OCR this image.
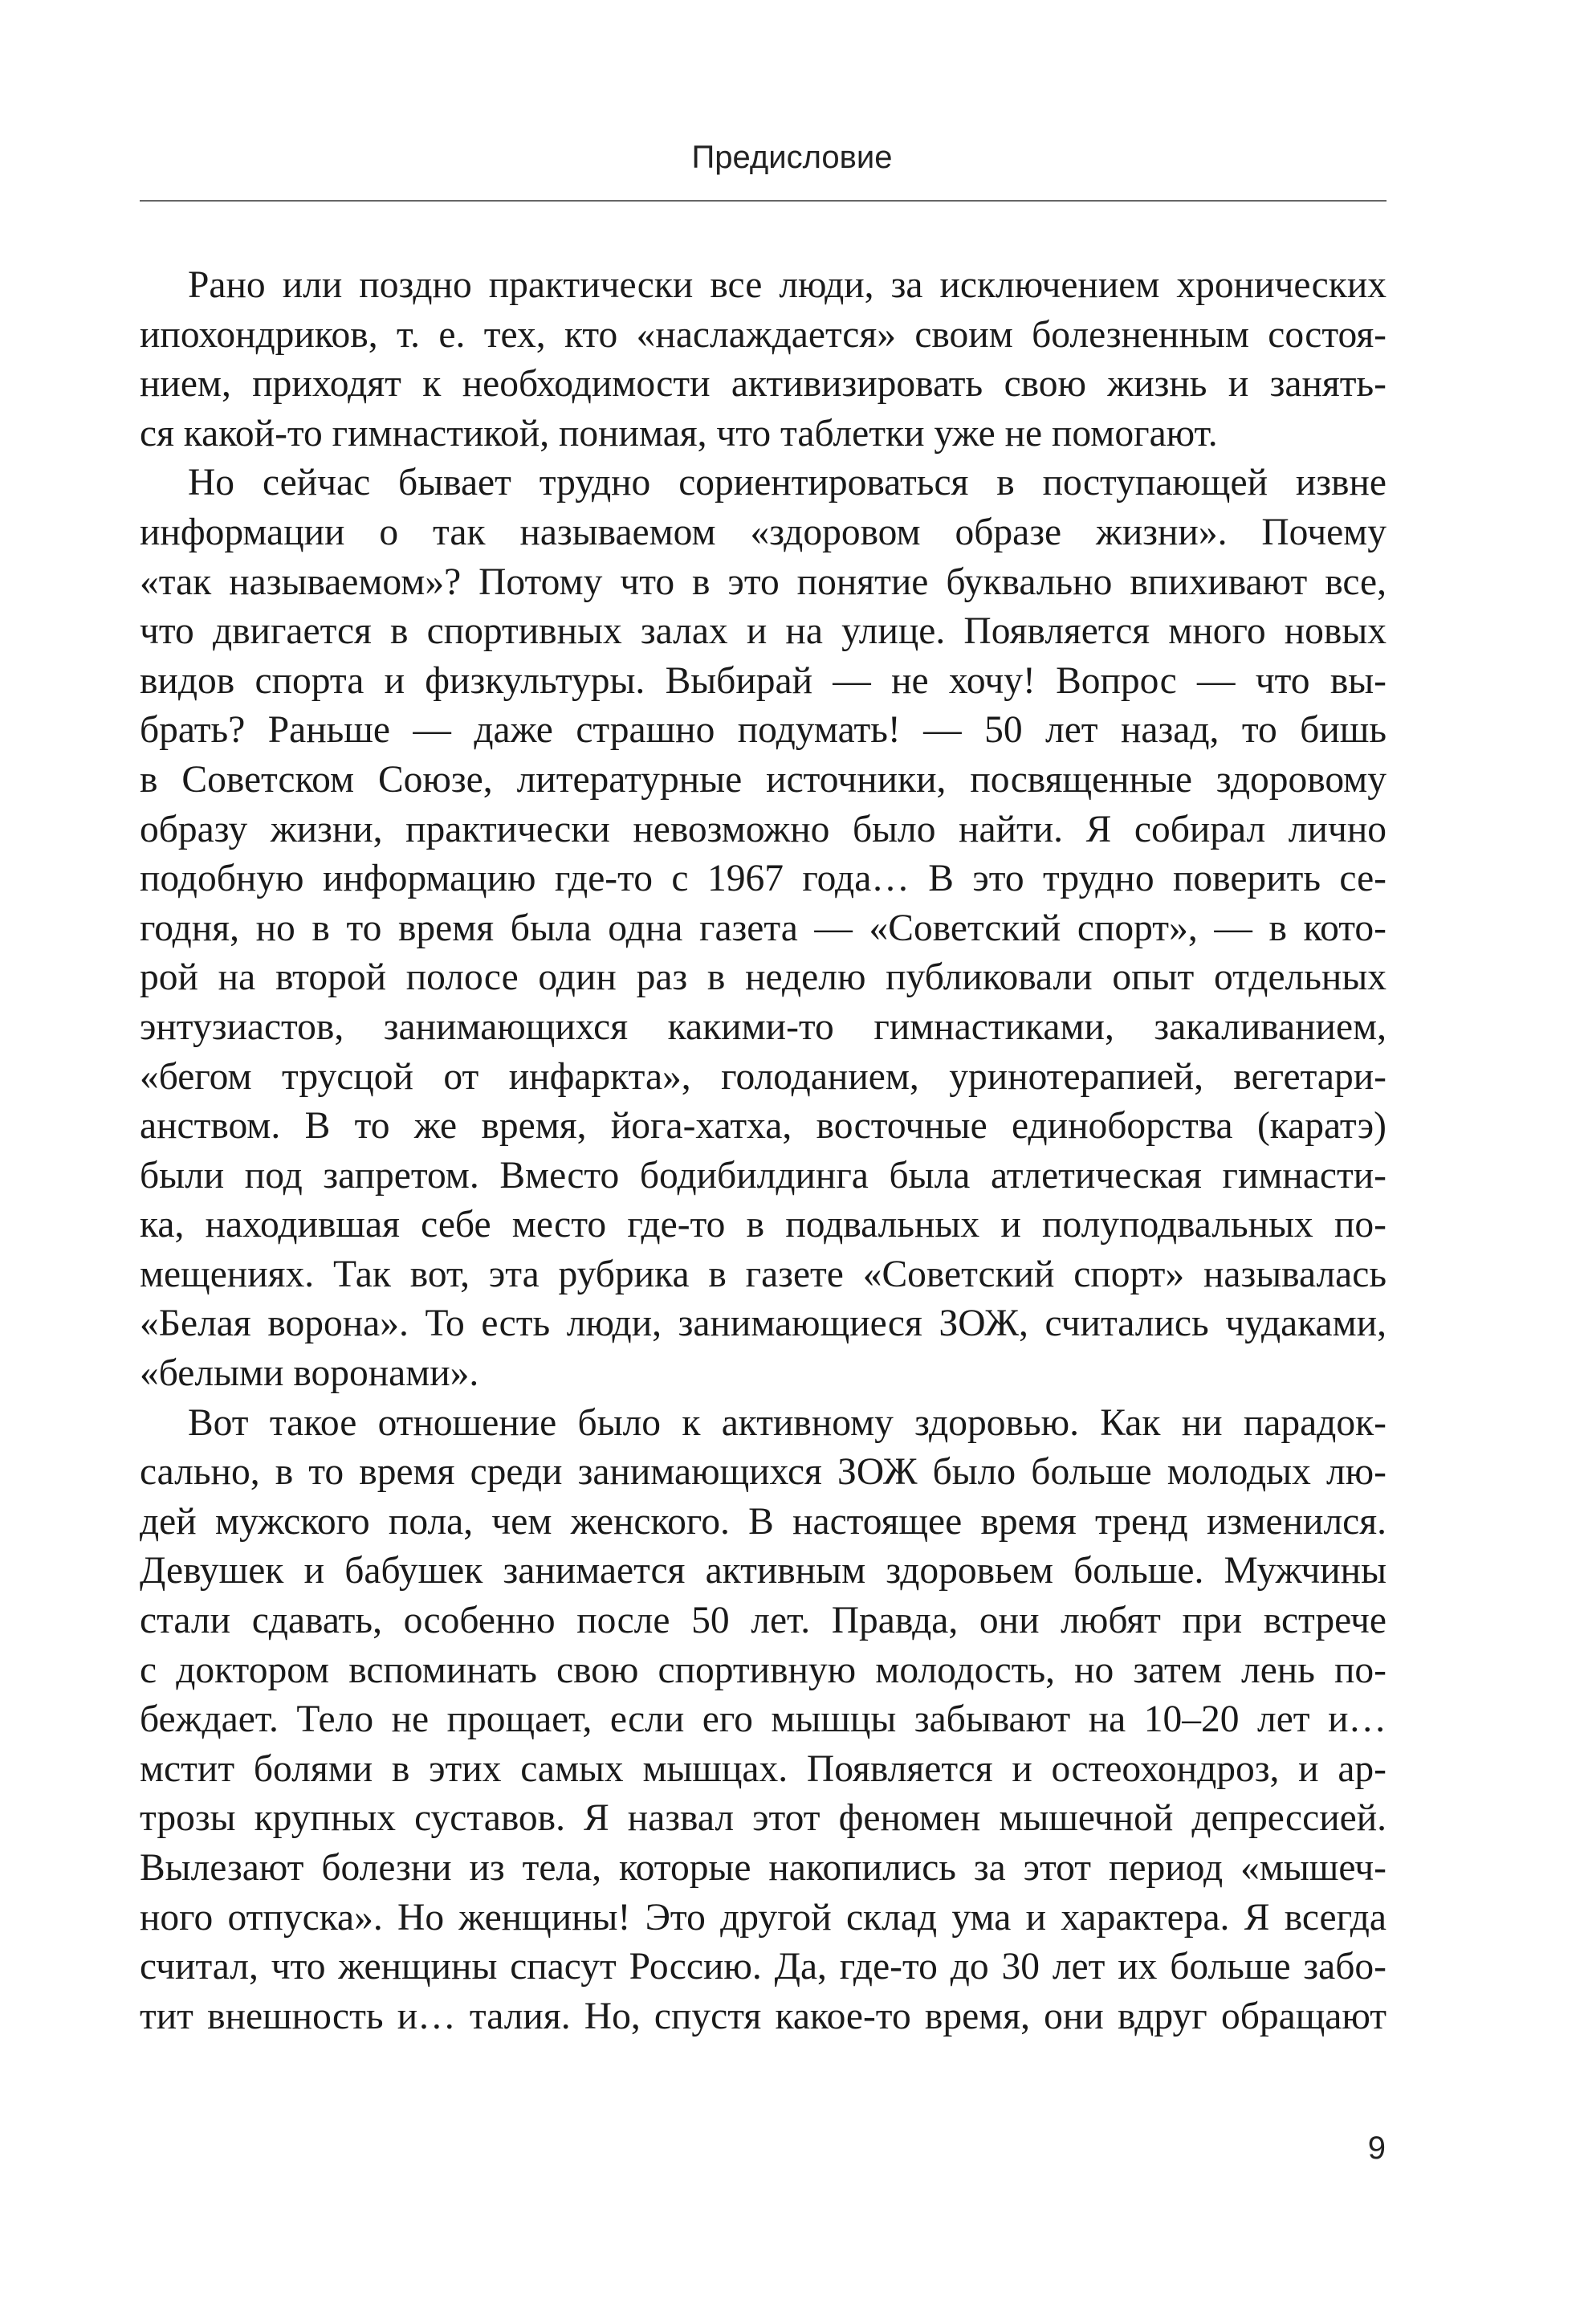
Предисловие

Рано или поздно практически все люди, за исключением хронических
ипохондриков, т. е. тех, кто «наслаждается» своим болезненным состоя-
нием, приходят к необходимости активизировать свою жизнь и занять-
ся какой-то гимнастикой, понимая, что таблетки уже не помогают.

Но сейчас бывает трудно сориентироваться в поступающей извне
информации о так называемом «здоровом образе жизни». Почему
«так называемом»? Потому что в это понятие буквально впихивают все,
что двигается в спортивных залах и на улице. Появляется много новых
видов спорта и физкультуры. Выбирай — не хочу! Вопрос — что вы-
брать? Раньше — даже страшно подумать! — 50 лет назад, то бишь
в Советском Союзе, литературные источники, посвященные здоровому
образу жизни, практически невозможно было найти. Я собирал лично
подобную информацию где-то с 1967 года… В это трудно поверить се-
годня, но в то время была одна газета — «Советский спорт», — в кото-
рой на второй полосе один раз в неделю публиковали опыт отдельных
энтузиастов, занимающихся какими-то гимнастиками, закаливанием,
«бегом трусцой от инфаркта», голоданием, уринотерапией, вегетари-
анством. В то же время, йога-хатха, восточные единоборства (каратэ)
были под запретом. Вместо бодибилдинга была атлетическая гимнасти-
ка, находившая себе место где-то в подвальных и полуподвальных по-
мещениях. Так вот, эта рубрика в газете «Советский спорт» называлась
«Белая ворона». То есть люди, занимающиеся ЗОЖ, считались чудаками,
«белыми воронами».

Вот такое отношение было к активному здоровью. Как ни парадок-
сально, в то время среди занимающихся ЗОЖ было больше молодых лю-
дей мужского пола, чем женского. В настоящее время тренд изменился.
Девушек и бабушек занимается активным здоровьем больше. Мужчины
стали сдавать, особенно после 50 лет. Правда, они любят при встрече
с доктором вспоминать свою спортивную молодость, но затем лень по-
беждает. Тело не прощает, если его мышцы забывают на 10–20 лет и…
мстит болями в этих самых мышцах. Появляется и остеохондроз, и ар-
трозы крупных суставов. Я назвал этот феномен мышечной депрессией.
Вылезают болезни из тела, которые накопились за этот период «мышеч-
ного отпуска». Но женщины! Это другой склад ума и характера. Я всегда
считал, что женщины спасут Россию. Да, где-то до 30 лет их больше забо-
тит внешность и… талия. Но, спустя какое-то время, они вдруг обращают

9
